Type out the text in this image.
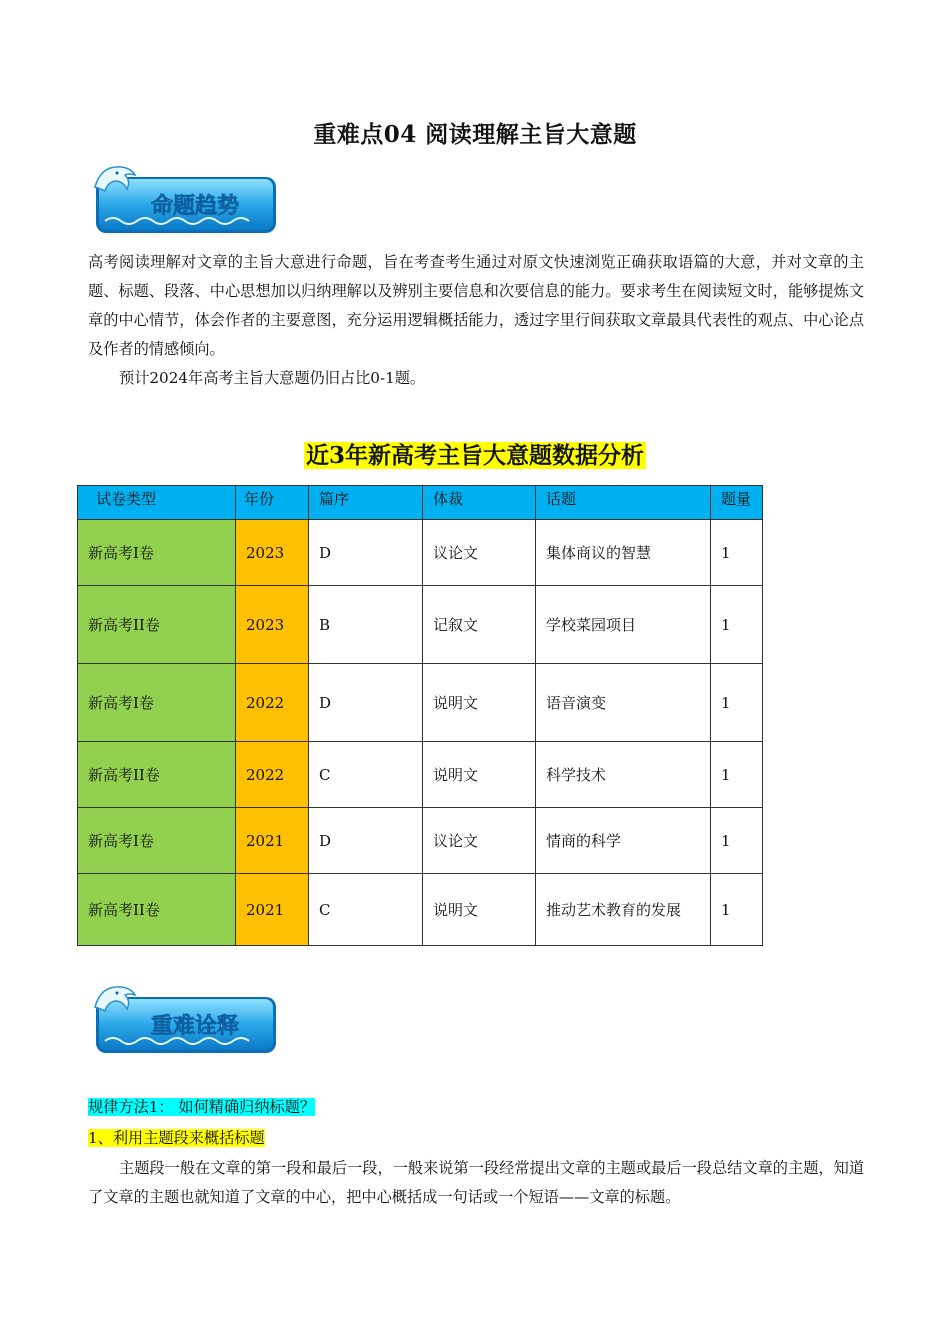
重难点04 阅读理解主旨大意题
命题趋势
高考阅读理解对文章的主旨大意进行命题，旨在考查考生通过对原文快速浏览正确获取语篇的大意，并对文章的主题、标题、段落、中心思想加以归纳理解以及辨别主要信息和次要信息的能力。要求考生在阅读短文时，能够提炼文章的中心情节，体会作者的主要意图，充分运用逻辑概括能力，透过字里行间获取文章最具代表性的观点、中心论点及作者的情感倾向。
预计2024年高考主旨大意题仍旧占比0-1题。
近3年新高考主旨大意题数据分析
试卷类型	年份	篇序	体裁	话题	题量
新高考I卷	2023	D	议论文	集体商议的智慧	1
新高考II卷	2023	B	记叙文	学校菜园项目	1
新高考I卷	2022	D	说明文	语音演变	1
新高考II卷	2022	C	说明文	科学技术	1
新高考I卷	2021	D	议论文	情商的科学	1
新高考II卷	2021	C	说明文	推动艺术教育的发展	1
重难诠释
规律方法1： 如何精确归纳标题？
1、利用主题段来概括标题
主题段一般在文章的第一段和最后一段，一般来说第一段经常提出文章的主题或最后一段总结文章的主题，知道了文章的主题也就知道了文章的中心，把中心概括成一句话或一个短语——文章的标题。
